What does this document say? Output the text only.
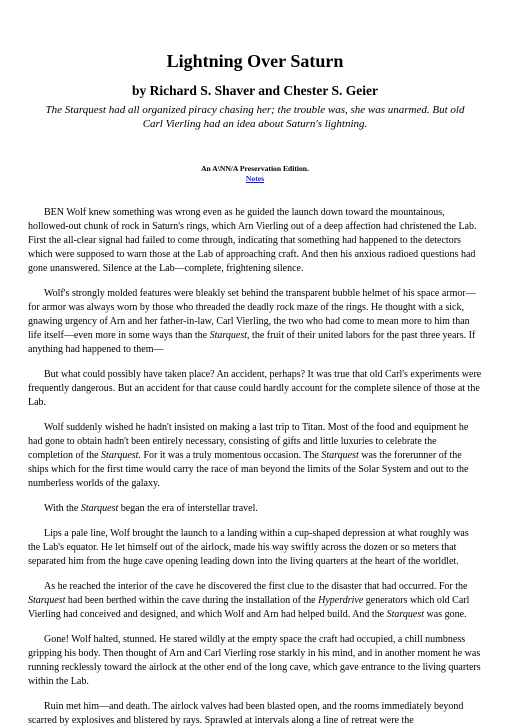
Lightning Over Saturn
by Richard S. Shaver and Chester S. Geier
The Starquest had all organized piracy chasing her; the trouble was, she was unarmed. But old Carl Vierling had an idea about Saturn's lightning.
An A\NN/A Preservation Edition.
Notes

BEN Wolf knew something was wrong even as he guided the launch down toward the mountainous, hollowed-out chunk of rock in Saturn's rings, which Arn Vierling out of a deep affection had christened the Lab. First the all-clear signal had failed to come through, indicating that something had happened to the detectors which were supposed to warn those at the Lab of approaching craft. And then his anxious radioed questions had gone unanswered. Silence at the Lab—complete, frightening silence.

Wolf's strongly molded features were bleakly set behind the transparent bubble helmet of his space armor—for armor was always worn by those who threaded the deadly rock maze of the rings. He thought with a sick, gnawing urgency of Arn and her father-in-law, Carl Vierling, the two who had come to mean more to him than life itself—even more in some ways than the Starquest, the fruit of their united labors for the past three years. If anything had happened to them—

But what could possibly have taken place? An accident, perhaps? It was true that old Carl's experiments were frequently dangerous. But an accident for that cause could hardly account for the complete silence of those at the Lab.

Wolf suddenly wished he hadn't insisted on making a last trip to Titan. Most of the food and equipment he had gone to obtain hadn't been entirely necessary, consisting of gifts and little luxuries to celebrate the completion of the Starquest. For it was a truly momentous occasion. The Starquest was the forerunner of the ships which for the first time would carry the race of man beyond the limits of the Solar System and out to the numberless worlds of the galaxy.

With the Starquest began the era of interstellar travel.

Lips a pale line, Wolf brought the launch to a landing within a cup-shaped depression at what roughly was the Lab's equator. He let himself out of the airlock, made his way swiftly across the dozen or so meters that separated him from the huge cave opening leading down into the living quarters at the heart of the worldlet.

As he reached the interior of the cave he discovered the first clue to the disaster that had occurred. For the Starquest had been berthed within the cave during the installation of the Hyperdrive generators which old Carl Vierling had conceived and designed, and which Wolf and Arn had helped build. And the Starquest was gone.

Gone! Wolf halted, stunned. He stared wildly at the empty space the craft had occupied, a chill numbness gripping his body. Then thought of Arn and Carl Vierling rose starkly in his mind, and in another moment he was running recklessly toward the airlock at the other end of the long cave, which gave entrance to the living quarters within the Lab.

Ruin met him—and death. The airlock valves had been blasted open, and the rooms immediately beyond scarred by explosives and blistered by rays. Sprawled at intervals along a line of retreat were the
